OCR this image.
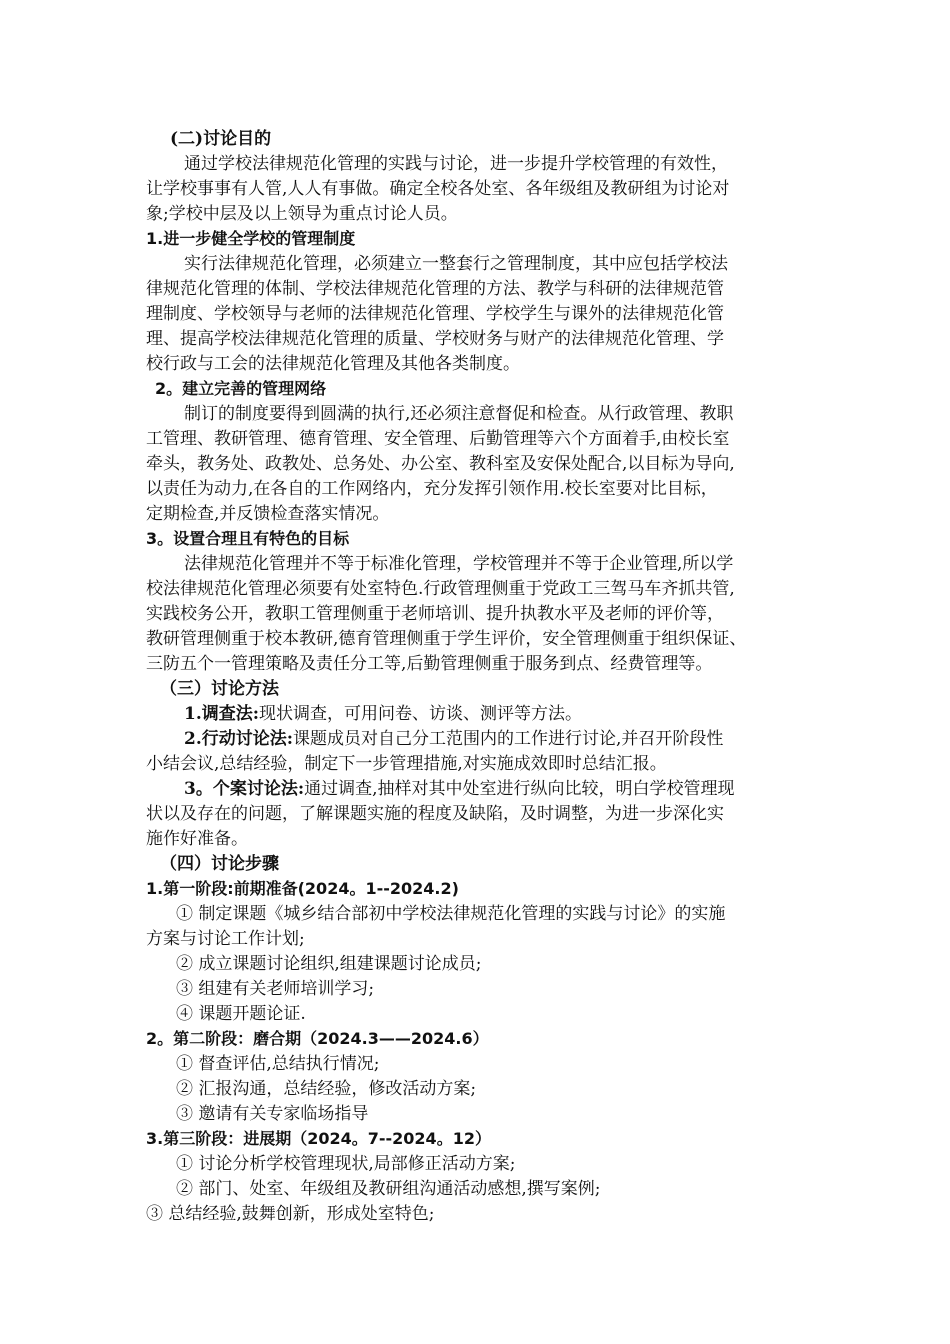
(二)讨论目的
通过学校法律规范化管理的实践与讨论，进一步提升学校管理的有效性，
让学校事事有人管,人人有事做。确定全校各处室、各年级组及教研组为讨论对
象;学校中层及以上领导为重点讨论人员。
1.进一步健全学校的管理制度
实行法律规范化管理，必须建立一整套行之管理制度，其中应包括学校法
律规范化管理的体制、学校法律规范化管理的方法、教学与科研的法律规范管
理制度、学校领导与老师的法律规范化管理、学校学生与课外的法律规范化管
理、提高学校法律规范化管理的质量、学校财务与财产的法律规范化管理、学
校行政与工会的法律规范化管理及其他各类制度。
2。建立完善的管理网络
制订的制度要得到圆满的执行,还必须注意督促和检查。从行政管理、教职
工管理、教研管理、德育管理、安全管理、后勤管理等六个方面着手,由校长室
牵头，教务处、政教处、总务处、办公室、教科室及安保处配合,以目标为导向,
以责任为动力,在各自的工作网络内，充分发挥引领作用.校长室要对比目标，
定期检查,并反馈检查落实情况。
3。设置合理且有特色的目标
法律规范化管理并不等于标准化管理，学校管理并不等于企业管理,所以学
校法律规范化管理必须要有处室特色.行政管理侧重于党政工三驾马车齐抓共管,
实践校务公开，教职工管理侧重于老师培训、提升执教水平及老师的评价等，
教研管理侧重于校本教研,德育管理侧重于学生评价，安全管理侧重于组织保证、
三防五个一管理策略及责任分工等,后勤管理侧重于服务到点、经费管理等。
（三）讨论方法
1.调查法:现状调查，可用问卷、访谈、测评等方法。
2.行动讨论法:课题成员对自己分工范围内的工作进行讨论,并召开阶段性
小结会议,总结经验，制定下一步管理措施,对实施成效即时总结汇报。
3。个案讨论法:通过调查,抽样对其中处室进行纵向比较，明白学校管理现
状以及存在的问题，了解课题实施的程度及缺陷，及时调整，为进一步深化实
施作好准备。
（四）讨论步骤
1.第一阶段:前期准备(2024。1--2024.2)
① 制定课题《城乡结合部初中学校法律规范化管理的实践与讨论》的实施
方案与讨论工作计划;
② 成立课题讨论组织,组建课题讨论成员;
③ 组建有关老师培训学习;
④ 课题开题论证.
2。第二阶段：磨合期（2024.3——2024.6）
① 督查评估,总结执行情况;
② 汇报沟通，总结经验，修改活动方案;
③ 邀请有关专家临场指导
3.第三阶段：进展期（2024。7--2024。12）
① 讨论分析学校管理现状,局部修正活动方案;
② 部门、处室、年级组及教研组沟通活动感想,撰写案例;
③ 总结经验,鼓舞创新，形成处室特色;
